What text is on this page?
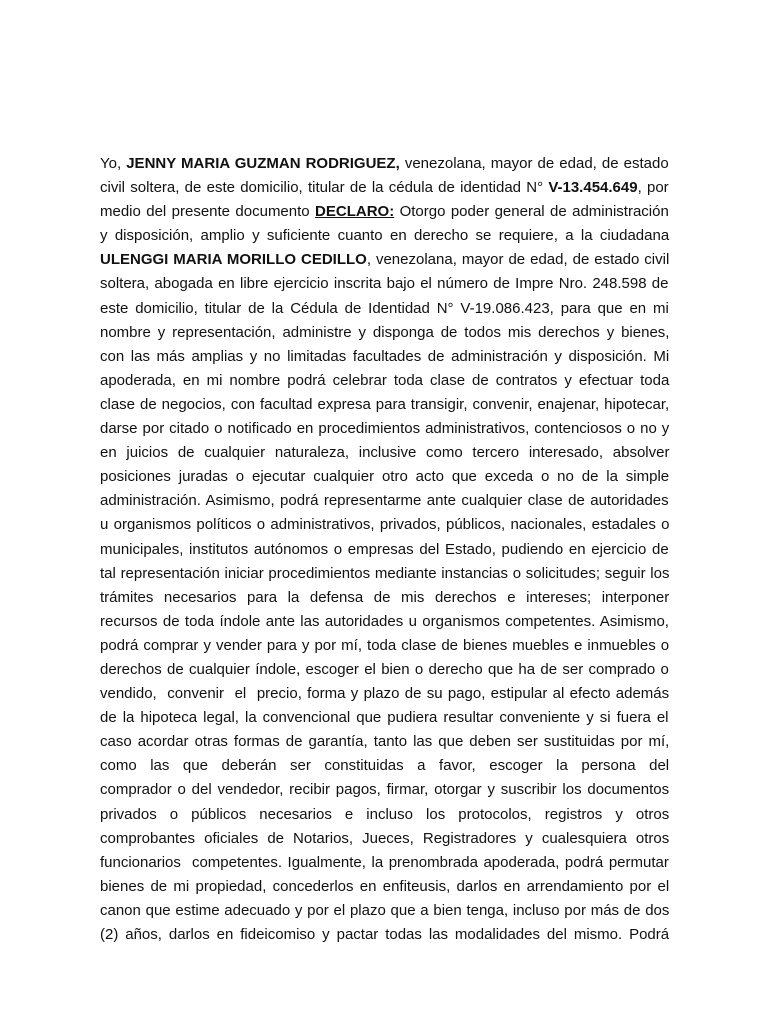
Yo, JENNY MARIA GUZMAN RODRIGUEZ, venezolana, mayor de edad, de estado
civil soltera, de este domicilio, titular de la cédula de identidad N° V-13.454.649, por
medio del presente documento DECLARO: Otorgo poder general de administración
y disposición, amplio y suficiente cuanto en derecho se requiere, a la ciudadana
ULENGGI MARIA MORILLO CEDILLO, venezolana, mayor de edad, de estado civil
soltera, abogada en libre ejercicio inscrita bajo el número de Impre Nro. 248.598 de
este domicilio, titular de la Cédula de Identidad N° V-19.086.423, para que en mi
nombre y representación, administre y disponga de todos mis derechos y bienes,
con las más amplias y no limitadas facultades de administración y disposición. Mi
apoderada, en mi nombre podrá celebrar toda clase de contratos y efectuar toda
clase de negocios, con facultad expresa para transigir, convenir, enajenar, hipotecar,
darse por citado o notificado en procedimientos administrativos, contenciosos o no y
en juicios de cualquier naturaleza, inclusive como tercero interesado, absolver
posiciones juradas o ejecutar cualquier otro acto que exceda o no de la simple
administración. Asimismo, podrá representarme ante cualquier clase de autoridades
u organismos políticos o administrativos, privados, públicos, nacionales, estadales o
municipales, institutos autónomos o empresas del Estado, pudiendo en ejercicio de
tal representación iniciar procedimientos mediante instancias o solicitudes; seguir los
trámites necesarios para la defensa de mis derechos e intereses; interponer
recursos de toda índole ante las autoridades u organismos competentes. Asimismo,
podrá comprar y vender para y por mí, toda clase de bienes muebles e inmuebles o
derechos de cualquier índole, escoger el bien o derecho que ha de ser comprado o
vendido,  convenir  el  precio, forma y plazo de su pago, estipular al efecto además
de la hipoteca legal, la convencional que pudiera resultar conveniente y si fuera el
caso acordar otras formas de garantía, tanto las que deben ser sustituidas por mí,
como las que deberán ser constituidas a favor, escoger la persona del
comprador o del vendedor, recibir pagos, firmar, otorgar y suscribir los documentos
privados o públicos necesarios e incluso los protocolos, registros y otros
comprobantes oficiales de Notarios, Jueces, Registradores y cualesquiera otros
funcionarios  competentes. Igualmente, la prenombrada apoderada, podrá permutar
bienes de mi propiedad, concederlos en enfiteusis, darlos en arrendamiento por el
canon que estime adecuado y por el plazo que a bien tenga, incluso por más de dos
(2) años, darlos en fideicomiso y pactar todas las modalidades del mismo. Podrá
